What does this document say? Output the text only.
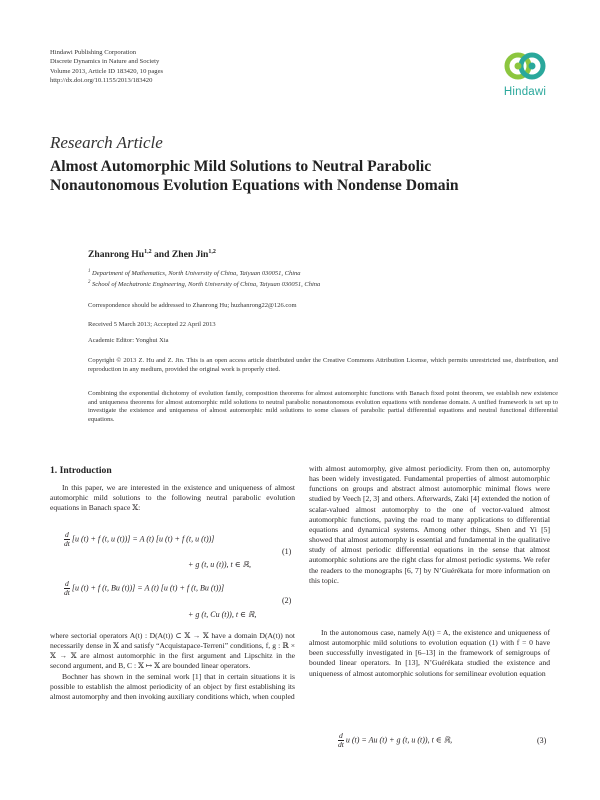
Hindawi Publishing Corporation
Discrete Dynamics in Nature and Society
Volume 2013, Article ID 183420, 10 pages
http://dx.doi.org/10.1155/2013/183420
Hindawi
Research Article
Almost Automorphic Mild Solutions to Neutral Parabolic Nonautonomous Evolution Equations with Nondense Domain
Zhanrong Hu$^{1,2}$ and Zhen Jin$^{1,2}$
$^1$ Department of Mathematics, North University of China, Taiyuan 030051, China
$^2$ School of Mechatronic Engineering, North University of China, Taiyuan 030051, China
Correspondence should be addressed to Zhanrong Hu; huzhanrong22@126.com
Received 5 March 2013; Accepted 22 April 2013
Academic Editor: Yonghui Xia
Copyright © 2013 Z. Hu and Z. Jin. This is an open access article distributed under the Creative Commons Attribution License, which permits unrestricted use, distribution, and reproduction in any medium, provided the original work is properly cited.
Combining the exponential dichotomy of evolution family, composition theorems for almost automorphic functions with Banach fixed point theorem, we establish new existence and uniqueness theorems for almost automorphic mild solutions to neutral parabolic nonautonomous evolution equations with nondense domain. A unified framework is set up to investigate the existence and uniqueness of almost automorphic mild solutions to some classes of parabolic partial differential equations and neutral functional differential equations.
1. Introduction
In this paper, we are interested in the existence and uniqueness of almost automorphic mild solutions to the following neutral parabolic evolution equations in Banach space 𝕏:
$\frac{d}{dt} [u$ (t) + f (t, u (t))] = A (t) [u (t) + f (t, u (t))]
+ g (t, u (t)), t ∈ ℝ,
(1)
$\frac{d}{dt} [u$ (t) + f (t, Bu (t))] = A (t) [u (t) + f (t, Bu (t))]
+ g (t, Cu (t)), t ∈ ℝ,
(2)
where sectorial operators A(t) : D(A(t)) ⊂ 𝕏 → 𝕏 have a domain D(A(t)) not necessarily dense in 𝕏 and satisfy “Acquistapace-Terreni” conditions, f, g : ℝ × 𝕏 → 𝕏 are almost automorphic in the first argument and Lipschitz in the second argument, and B, C : 𝕏 ↦ 𝕏 are bounded linear operators.
Bochner has shown in the seminal work [1] that in certain situations it is possible to establish the almost periodicity of an object by first establishing its almost automorphy and then invoking auxiliary conditions which, when coupled
with almost automorphy, give almost periodicity. From then on, automorphy has been widely investigated. Fundamental properties of almost automorphic functions on groups and abstract almost automorphic minimal flows were studied by Veech [2, 3] and others. Afterwards, Zaki [4] extended the notion of scalar-valued almost automorphy to the one of vector-valued almost automorphic functions, paving the road to many applications to differential equations and dynamical systems. Among other things, Shen and Yi [5] showed that almost automorphy is essential and fundamental in the qualitative study of almost periodic differential equations in the sense that almost automorphic solutions are the right class for almost periodic systems. We refer the readers to the monographs [6, 7] by N’Guérékata for more information on this topic.
In the autonomous case, namely A(t) = A, the existence and uniqueness of almost automorphic mild solutions to evolution equation (1) with f = 0 have been successfully investigated in [6–13] in the framework of semigroups of bounded linear operators. In [13], N’Guérékata studied the existence and uniqueness of almost automorphic solutions for semilinear evolution equation
$\frac{d}{dt}$ u (t) = Au (t) + g (t, u (t)), t ∈ ℝ,	(3)
